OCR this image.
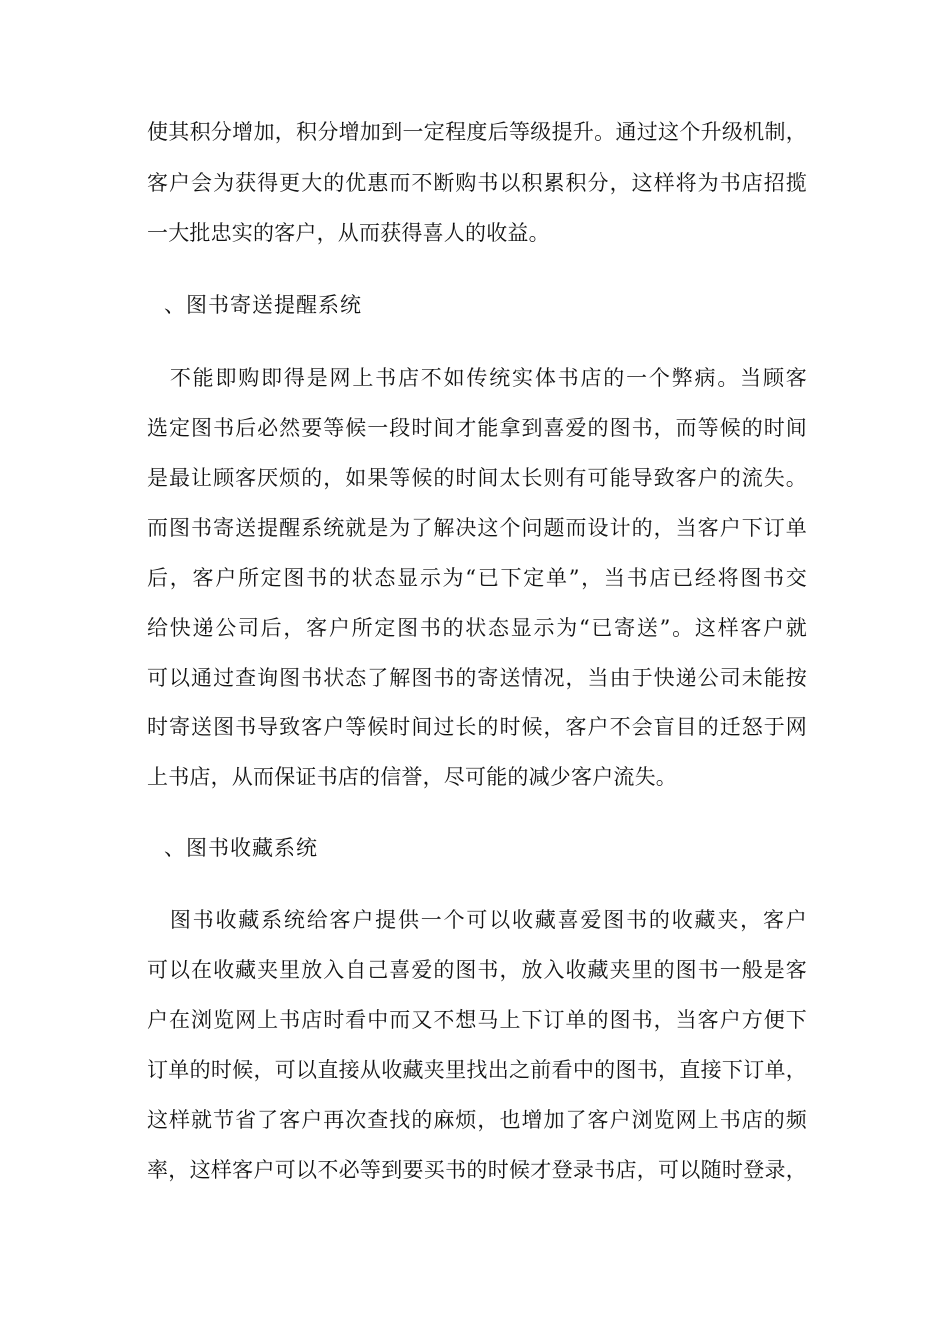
使其积分增加，积分增加到一定程度后等级提升。通过这个升级机制，
客户会为获得更大的优惠而不断购书以积累积分，这样将为书店招揽
一大批忠实的客户，从而获得喜人的收益。
、图书寄送提醒系统
　不能即购即得是网上书店不如传统实体书店的一个弊病。当顾客
选定图书后必然要等候一段时间才能拿到喜爱的图书，而等候的时间
是最让顾客厌烦的，如果等候的时间太长则有可能导致客户的流失。
而图书寄送提醒系统就是为了解决这个问题而设计的，当客户下订单
后，客户所定图书的状态显示为“已下定单”，当书店已经将图书交
给快递公司后，客户所定图书的状态显示为“已寄送”。这样客户就
可以通过查询图书状态了解图书的寄送情况，当由于快递公司未能按
时寄送图书导致客户等候时间过长的时候，客户不会盲目的迁怒于网
上书店，从而保证书店的信誉，尽可能的减少客户流失。
、图书收藏系统
　图书收藏系统给客户提供一个可以收藏喜爱图书的收藏夹，客户
可以在收藏夹里放入自己喜爱的图书，放入收藏夹里的图书一般是客
户在浏览网上书店时看中而又不想马上下订单的图书，当客户方便下
订单的时候，可以直接从收藏夹里找出之前看中的图书，直接下订单，
这样就节省了客户再次查找的麻烦，也增加了客户浏览网上书店的频
率，这样客户可以不必等到要买书的时候才登录书店，可以随时登录，
